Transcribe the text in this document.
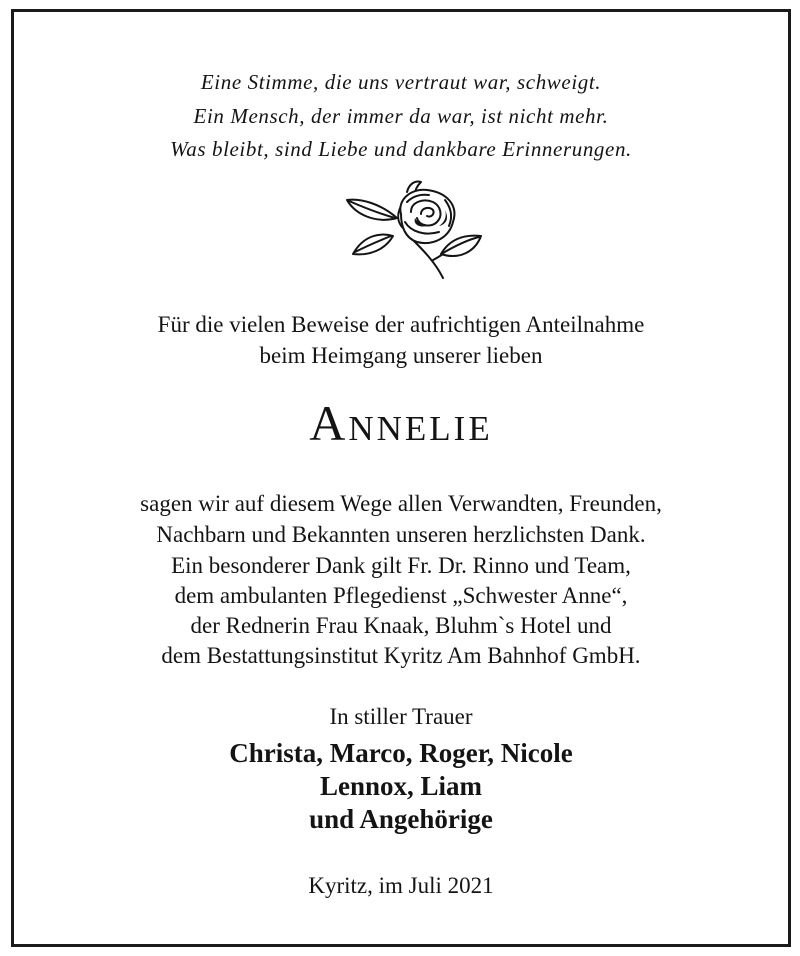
Eine Stimme, die uns vertraut war, schweigt.

Ein Mensch, der immer da war, ist nicht mehr.

Was bleibt, sind Liebe und dankbare Erinnerungen.

Für die vielen Beweise der aufrichtigen Anteilnahme

beim Heimgang unserer lieben

Annelie

sagen wir auf diesem Wege allen Verwandten, Freunden,

Nachbarn und Bekannten unseren herzlichsten Dank.

Ein besonderer Dank gilt Fr. Dr. Rinno und Team,

dem ambulanten Pflegedienst „Schwester Anne“,

der Rednerin Frau Knaak, Bluhm`s Hotel und

dem Bestattungsinstitut Kyritz Am Bahnhof GmbH.

In stiller Trauer

Christa, Marco, Roger, Nicole

Lennox, Liam

und Angehörige

Kyritz, im Juli 2021
